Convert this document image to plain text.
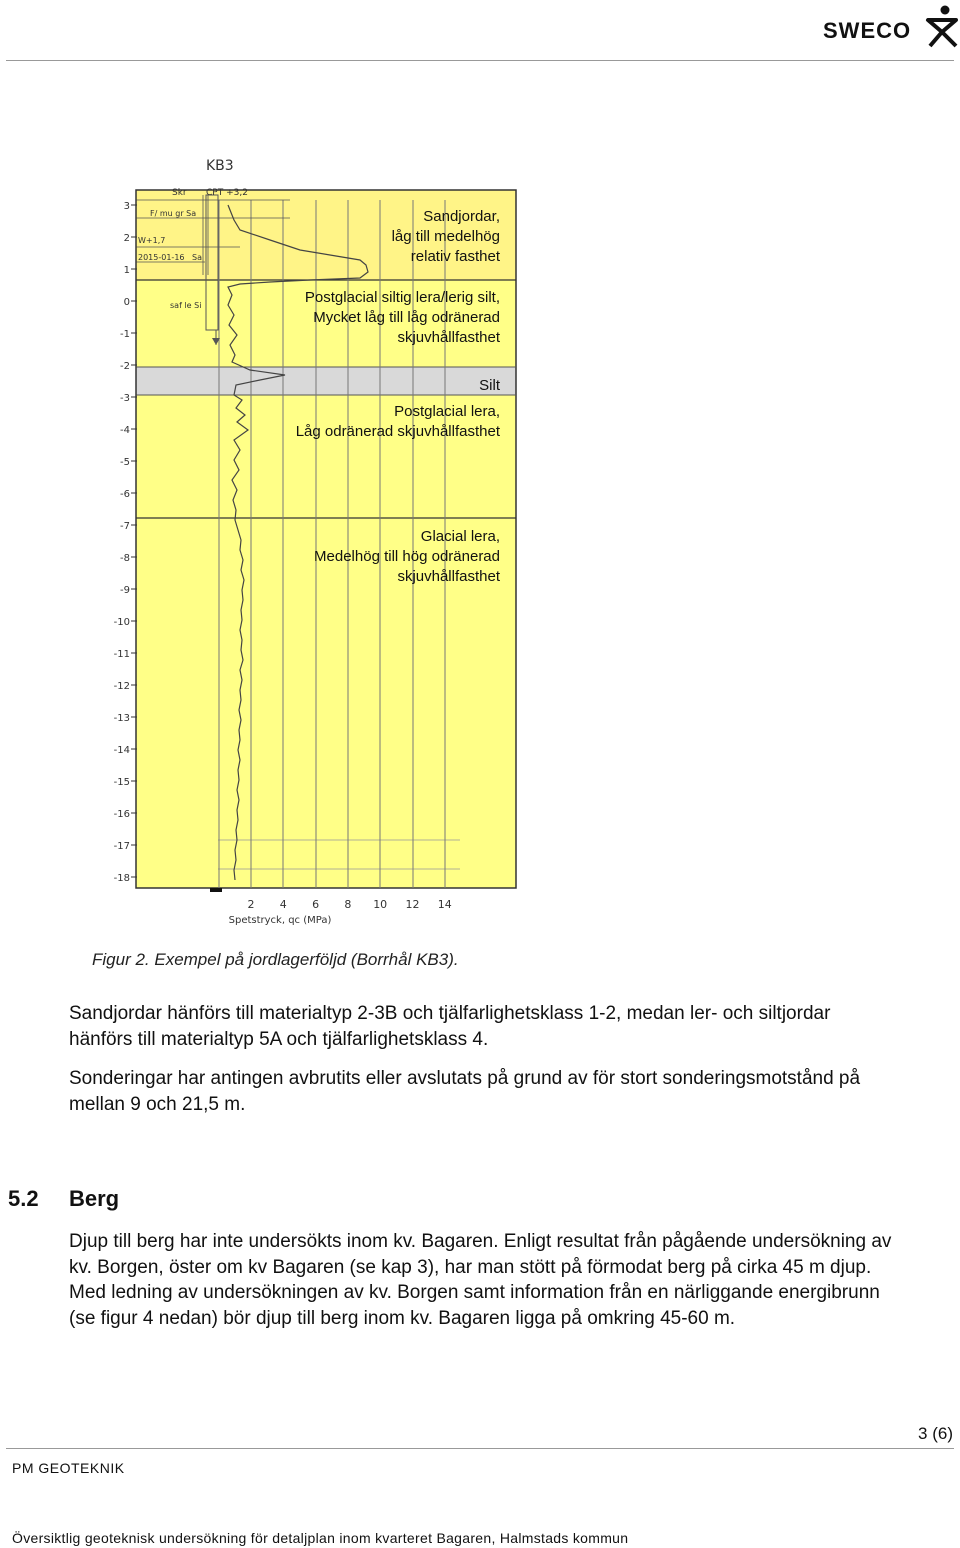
SWECO
3
2
1
0
-1
-2
-3
-4
-5
-6
-7
-8
-9
-10
-11
-12
-13
-14
-15
-16
-17
-18
2 4 6 8 10 12 14
Spetstryck, qc (MPa)
KB3
Skr CPT +3,2
F/ mu gr Sa
W+1,7
2015-01-16 Sa
saf le Si
Sandjordar,
låg till medelhög
relativ fasthet
Postglacial siltig lera/lerig silt,
Mycket låg till låg odränerad
skjuvhållfasthet
Silt
Postglacial lera,
Låg odränerad skjuvhållfasthet
Glacial lera,
Medelhög till hög odränerad
skjuvhållfasthet
Figur 2. Exempel på jordlagerföljd (Borrhål KB3).
Sandjordar hänförs till materialtyp 2-3B och tjälfarlighetsklass 1-2, medan ler- och siltjordar hänförs till materialtyp 5A och tjälfarlighetsklass 4.
Sonderingar har antingen avbrutits eller avslutats på grund av för stort sonderingsmotstånd på mellan 9 och 21,5 m.
5.2 Berg
Djup till berg har inte undersökts inom kv. Bagaren. Enligt resultat från pågående undersökning av kv. Borgen, öster om kv Bagaren (se kap 3), har man stött på förmodat berg på cirka 45 m djup. Med ledning av undersökningen av kv. Borgen samt information från en närliggande energibrunn (se figur 4 nedan) bör djup till berg inom kv. Bagaren ligga på omkring 45-60 m.
3 (6)
PM GEOTEKNIK
Översiktlig geoteknisk undersökning för detaljplan inom kvarteret Bagaren, Halmstads kommun
